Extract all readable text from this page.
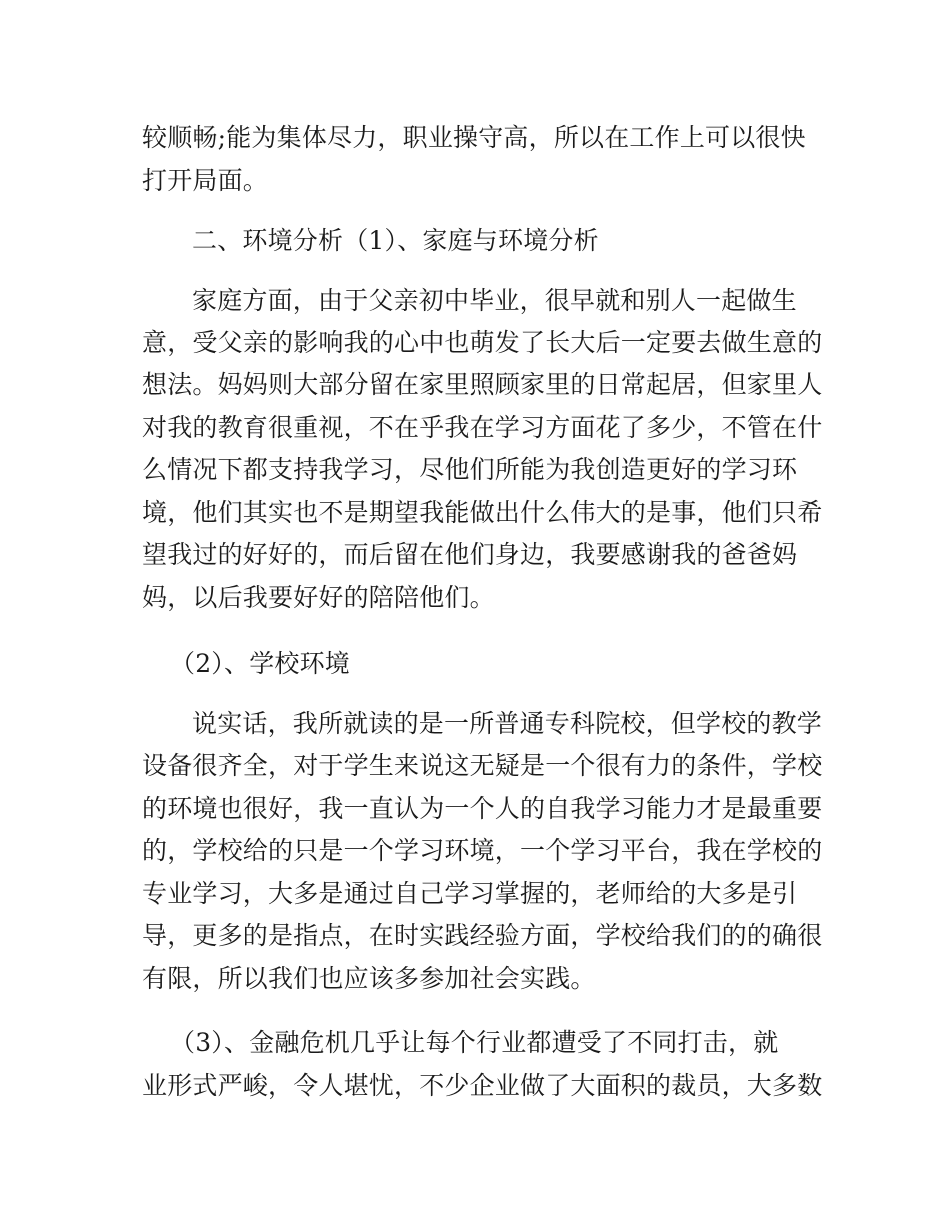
较顺畅;能为集体尽力，职业操守高，所以在工作上可以很快
打开局面。
二、环境分析（1）、家庭与环境分析
家庭方面，由于父亲初中毕业，很早就和别人一起做生
意，受父亲的影响我的心中也萌发了长大后一定要去做生意的
想法。妈妈则大部分留在家里照顾家里的日常起居，但家里人
对我的教育很重视，不在乎我在学习方面花了多少，不管在什
么情况下都支持我学习，尽他们所能为我创造更好的学习环
境，他们其实也不是期望我能做出什么伟大的是事，他们只希
望我过的好好的，而后留在他们身边，我要感谢我的爸爸妈
妈，以后我要好好的陪陪他们。
（2）、学校环境
说实话，我所就读的是一所普通专科院校，但学校的教学
设备很齐全，对于学生来说这无疑是一个很有力的条件，学校
的环境也很好，我一直认为一个人的自我学习能力才是最重要
的，学校给的只是一个学习环境，一个学习平台，我在学校的
专业学习，大多是通过自己学习掌握的，老师给的大多是引
导，更多的是指点，在时实践经验方面，学校给我们的的确很
有限，所以我们也应该多参加社会实践。
（3）、金融危机几乎让每个行业都遭受了不同打击，就
业形式严峻，令人堪忧，不少企业做了大面积的裁员，大多数
